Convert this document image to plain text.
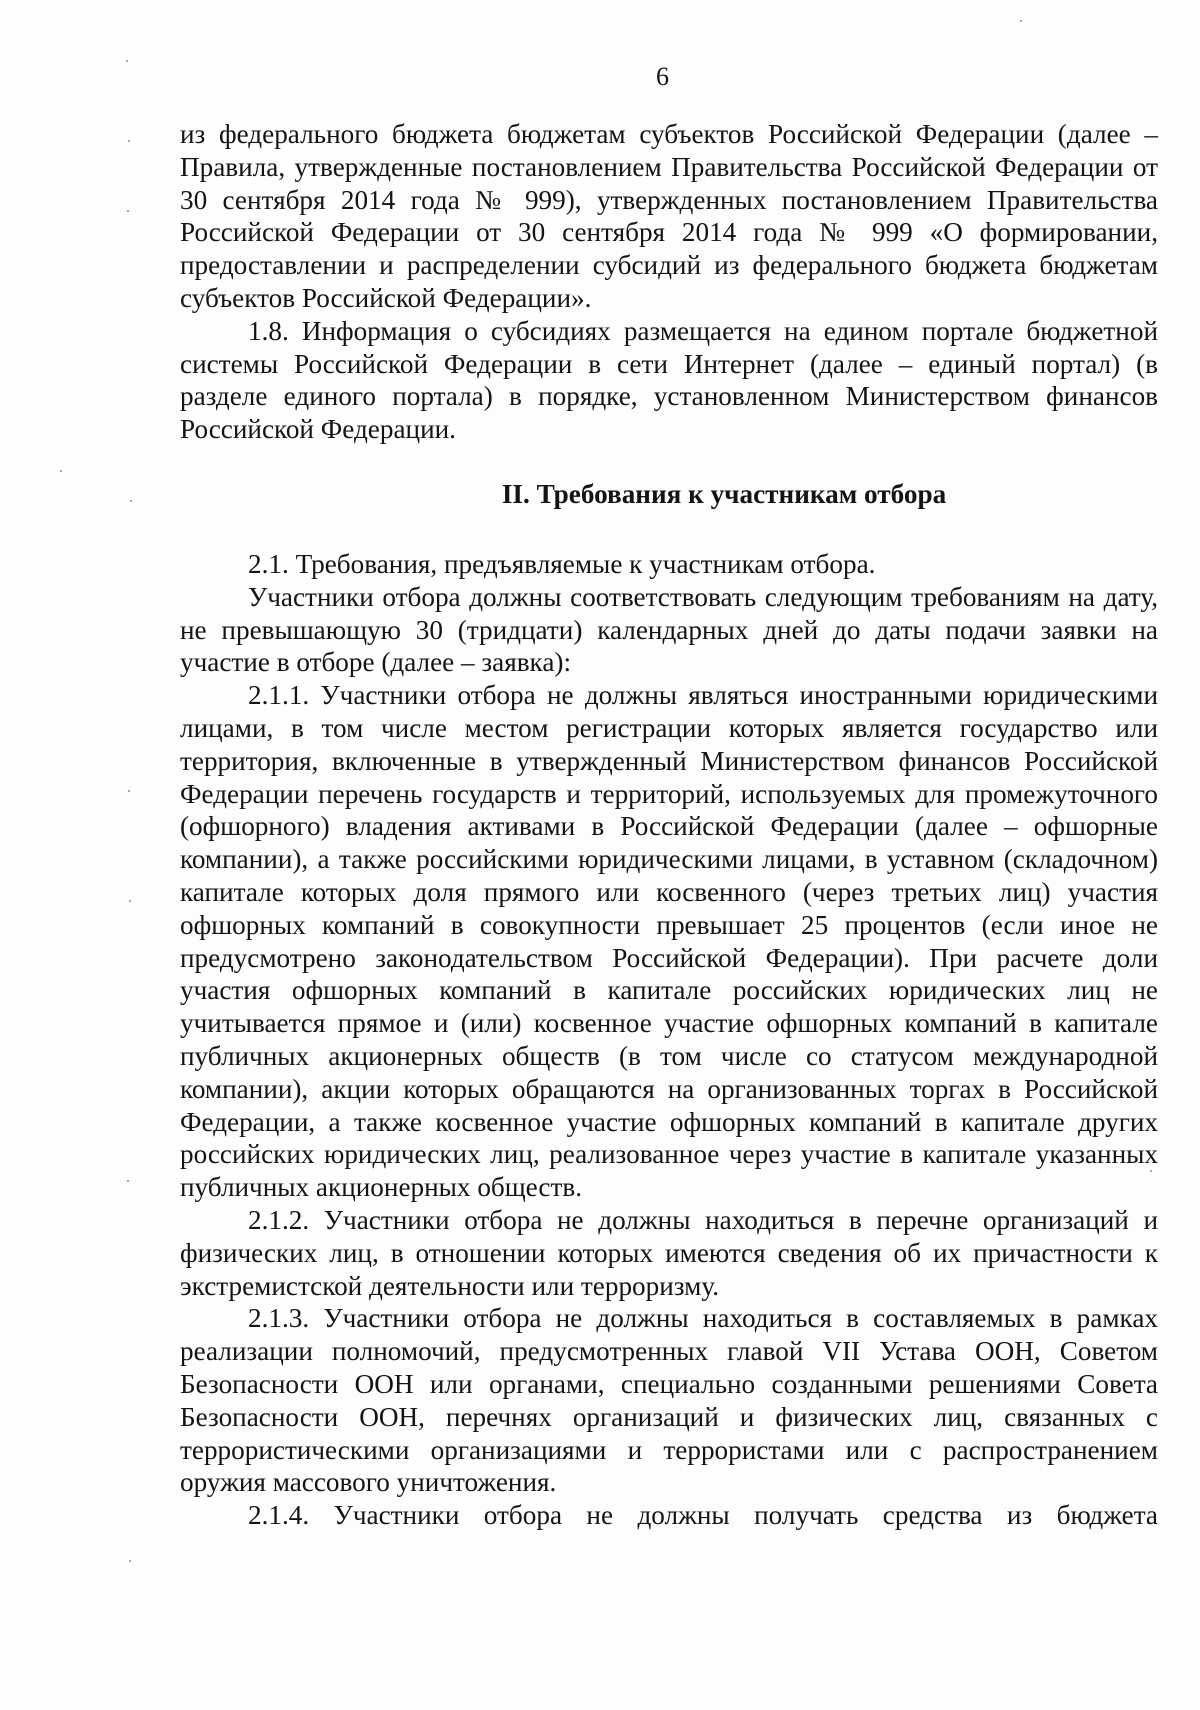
6

из федерального бюджета бюджетам субъектов Российской Федерации (далее – Правила, утвержденные постановлением Правительства Российской Федерации от 30 сентября 2014 года № 999), утвержденных постановлением Правительства Российской Федерации от 30 сентября 2014 года № 999 «О формировании, предоставлении и распределении субсидий из федерального бюджета бюджетам субъектов Российской Федерации».

1.8. Информация о субсидиях размещается на едином портале бюджетной системы Российской Федерации в сети Интернет (далее – единый портал) (в разделе единого портала) в порядке, установленном Министерством финансов Российской Федерации.

II. Требования к участникам отбора

2.1. Требования, предъявляемые к участникам отбора.

Участники отбора должны соответствовать следующим требованиям на дату, не превышающую 30 (тридцати) календарных дней до даты подачи заявки на участие в отборе (далее – заявка):

2.1.1. Участники отбора не должны являться иностранными юридическими лицами, в том числе местом регистрации которых является государство или территория, включенные в утвержденный Министерством финансов Российской Федерации перечень государств и территорий, используемых для промежуточного (офшорного) владения активами в Российской Федерации (далее – офшорные компании), а также российскими юридическими лицами, в уставном (складочном) капитале которых доля прямого или косвенного (через третьих лиц) участия офшорных компаний в совокупности превышает 25 процентов (если иное не предусмотрено законодательством Российской Федерации). При расчете доли участия офшорных компаний в капитале российских юридических лиц не учитывается прямое и (или) косвенное участие офшорных компаний в капитале публичных акционерных обществ (в том числе со статусом международной компании), акции которых обращаются на организованных торгах в Российской Федерации, а также косвенное участие офшорных компаний в капитале других российских юридических лиц, реализованное через участие в капитале указанных публичных акционерных обществ.

2.1.2. Участники отбора не должны находиться в перечне организаций и физических лиц, в отношении которых имеются сведения об их причастности к экстремистской деятельности или терроризму.

2.1.3. Участники отбора не должны находиться в составляемых в рамках реализации полномочий, предусмотренных главой VII Устава ООН, Советом Безопасности ООН или органами, специально созданными решениями Совета Безопасности ООН, перечнях организаций и физических лиц, связанных с террористическими организациями и террористами или с распространением оружия массового уничтожения.

2.1.4. Участники отбора не должны получать средства из бюджета
